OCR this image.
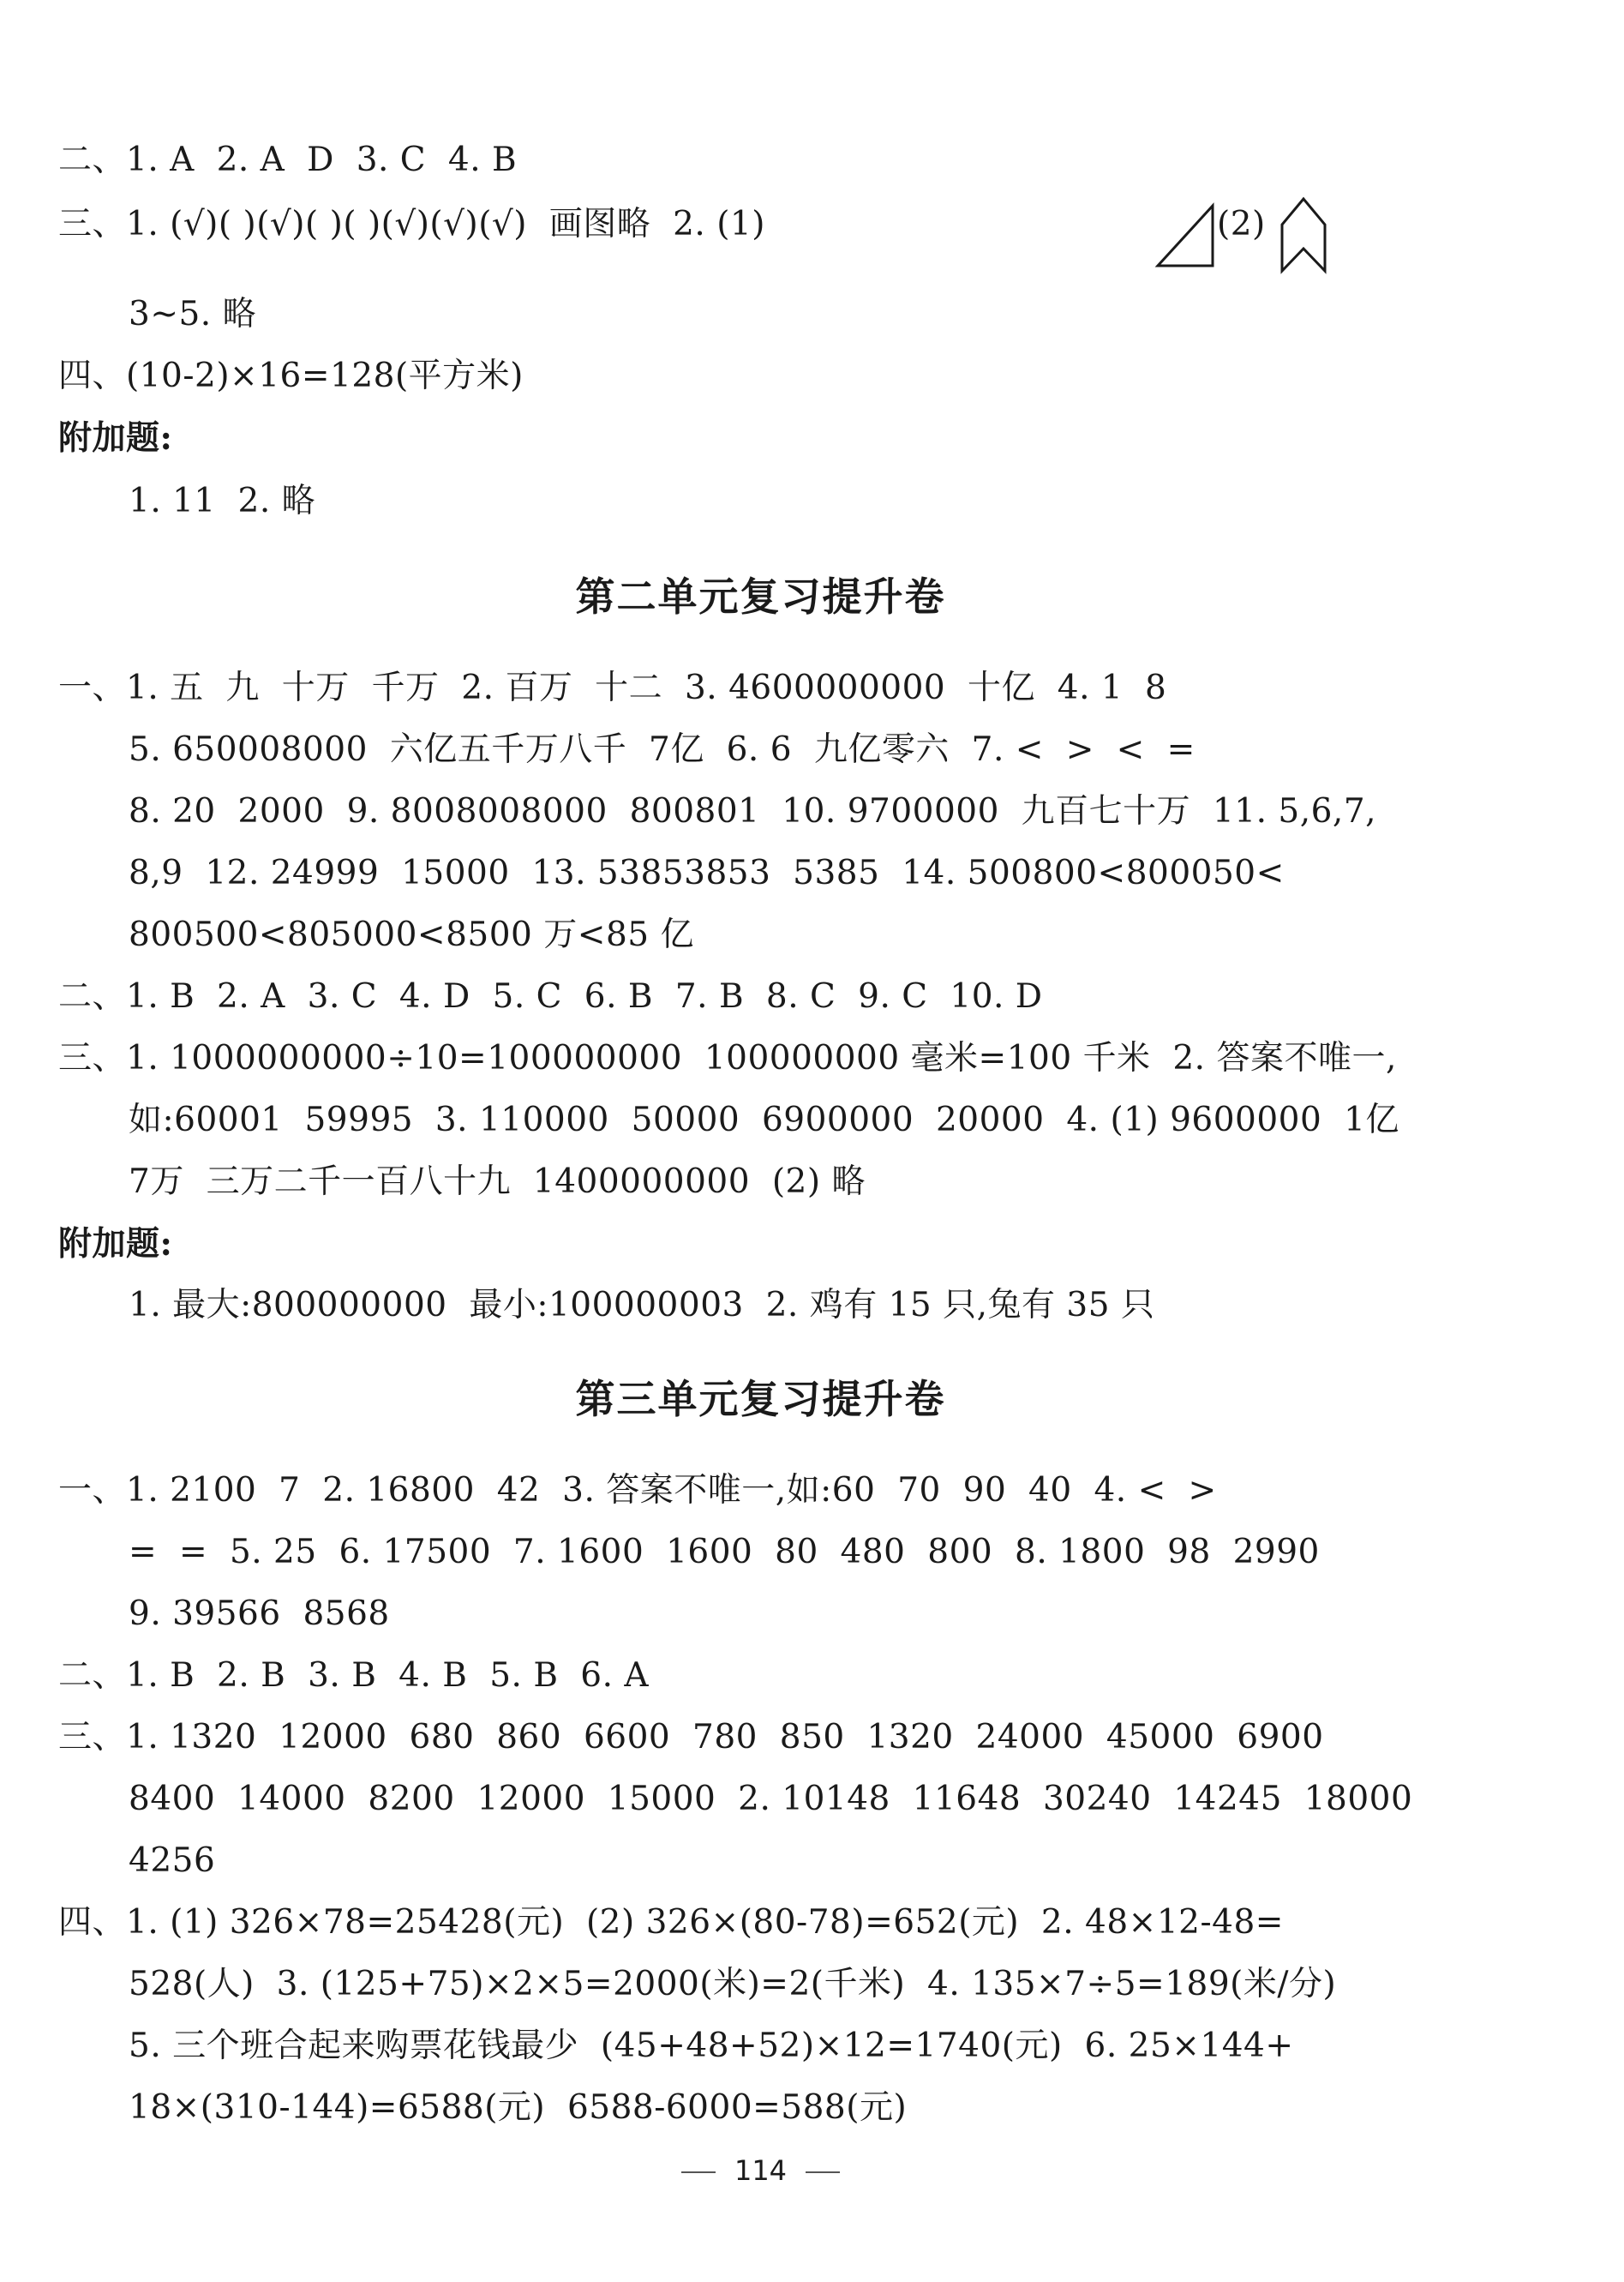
二、1. A  2. A  D  3. C  4. B
三、1. (√)( )(√)( )( )(√)(√)(√)  画图略  2. (1)	(2)
3~5. 略
四、(10-2)×16=128(平方米)
附加题:
1. 11  2. 略
第二单元复习提升卷
一、1. 五  九  十万  千万  2. 百万  十二  3. 4600000000  十亿  4. 1  8
5. 650008000  六亿五千万八千  7亿  6. 6  九亿零六  7. <  >  <  =
8. 20  2000  9. 8008008000  800801  10. 9700000  九百七十万  11. 5,6,7,
8,9  12. 24999  15000  13. 53853853  5385  14. 500800<800050<
800500<805000<8500 万<85 亿
二、1. B  2. A  3. C  4. D  5. C  6. B  7. B  8. C  9. C  10. D
三、1. 1000000000÷10=100000000  100000000 毫米=100 千米  2. 答案不唯一,
如:60001  59995  3. 110000  50000  6900000  20000  4. (1) 9600000  1亿
7万  三万二千一百八十九  1400000000  (2) 略
附加题:
1. 最大:800000000  最小:100000003  2. 鸡有 15 只,兔有 35 只
第三单元复习提升卷
一、1. 2100  7  2. 16800  42  3. 答案不唯一,如:60  70  90  40  4. <  >
=  =  5. 25  6. 17500  7. 1600  1600  80  480  800  8. 1800  98  2990
9. 39566  8568
二、1. B  2. B  3. B  4. B  5. B  6. A
三、1. 1320  12000  680  860  6600  780  850  1320  24000  45000  6900
8400  14000  8200  12000  15000  2. 10148  11648  30240  14245  18000
4256
四、1. (1) 326×78=25428(元)  (2) 326×(80-78)=652(元)  2. 48×12-48=
528(人)  3. (125+75)×2×5=2000(米)=2(千米)  4. 135×7÷5=189(米/分)
5. 三个班合起来购票花钱最少  (45+48+52)×12=1740(元)  6. 25×144+
18×(310-144)=6588(元)  6588-6000=588(元)
114
